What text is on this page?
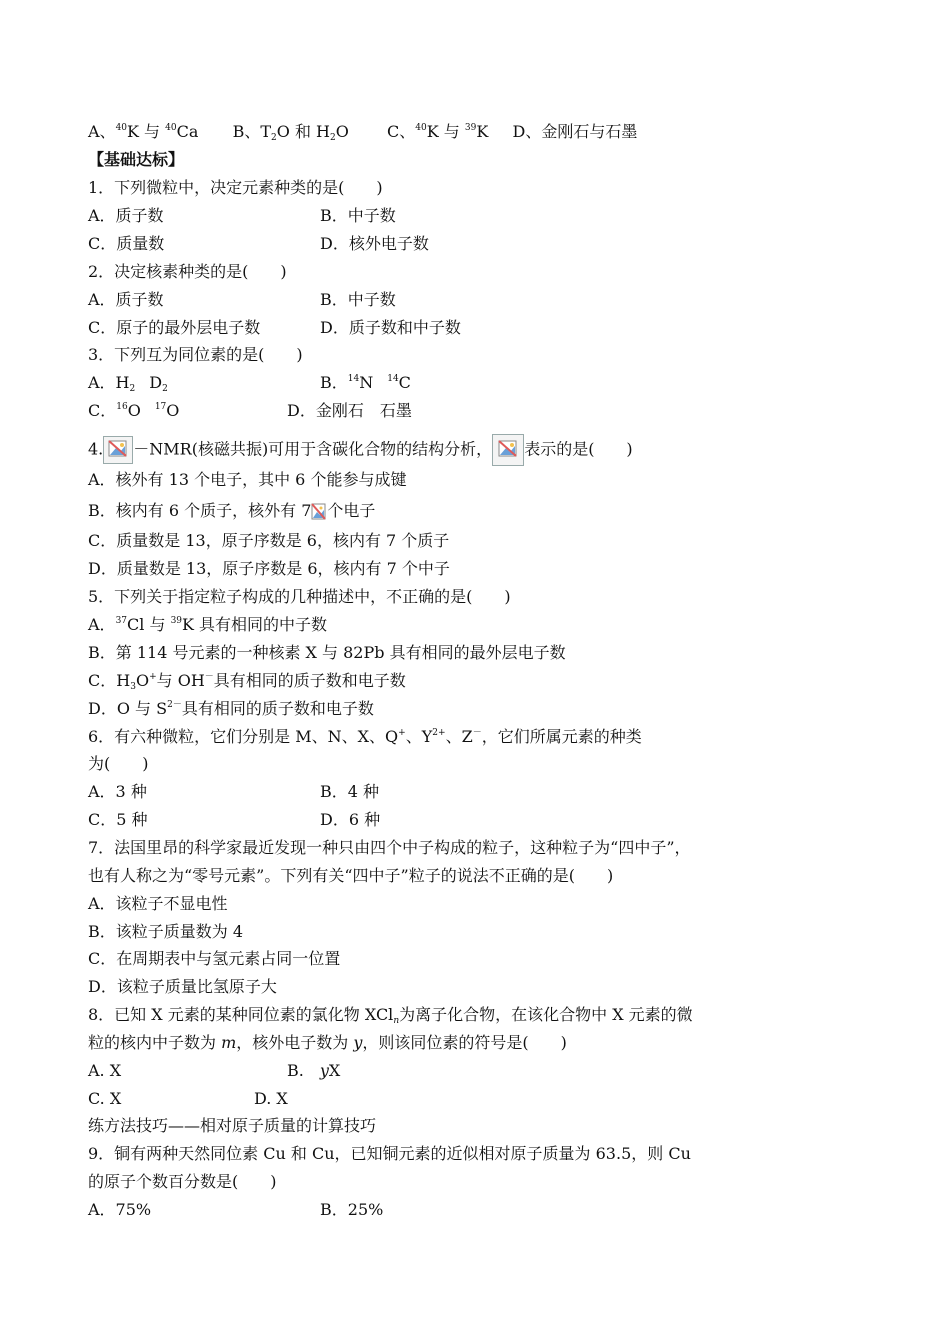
A、$^{40}$K 与 $^{40}$Ca B、$T_2O$ 和 $H_2O$ C、$^{40}$K 与 $^{39}$K D、金刚石与石墨
【基础达标】
1．下列微粒中，决定元素种类的是(　　)
A．质子数	B．中子数
C．质量数	D．核外电子数
2．决定核素种类的是(　　)
A．质子数	B．中子数
C．原子的最外层电子数	D．质子数和中子数
3．下列互为同位素的是(　　)
A．$H_2$ $D_2$	B．$^{14}$N $^{14}$C
C．$^{16}$O $^{17}$O	D．金刚石　石墨
4. －NMR(核磁共振)可用于含碳化合物的结构分析， 表示的是(　　)
A．核外有 13 个电子，其中 6 个能参与成键
B．核内有 6 个质子，核外有 7 个电子
C．质量数是 13，原子序数是 6，核内有 7 个质子
D．质量数是 13，原子序数是 6，核内有 7 个中子
5．下列关于指定粒子构成的几种描述中，不正确的是(　　)
A．$^{37}$Cl 与 $^{39}$K 具有相同的中子数
B．第 114 号元素的一种核素 X 与 82Pb 具有相同的最外层电子数
C．$H_3O^+$与 OH－具有相同的质子数和电子数
D．O 与 $S^{2-}$具有相同的质子数和电子数
6．有六种微粒，它们分别是 M、N、X、Q+、$Y^{2+}$、Z－，它们所属元素的种类
为(　　)
A．3 种	B．4 种
C．5 种	D．6 种
7．法国里昂的科学家最近发现一种只由四个中子构成的粒子，这种粒子为“四中子”，
也有人称之为“零号元素”。下列有关“四中子”粒子的说法不正确的是(　　)
A．该粒子不显电性
B．该粒子质量数为 4
C．在周期表中与氢元素占同一位置
D．该粒子质量比氢原子大
8．已知 X 元素的某种同位素的氯化物 XCl$_n$为离子化合物，在该化合物中 X 元素的微
粒的核内中子数为 m，核外电子数为 y，则该同位素的符号是(　　)
A. X	B.　yX
C. X	D. X
练方法技巧——相对原子质量的计算技巧
9．铜有两种天然同位素 Cu 和 Cu，已知铜元素的近似相对原子质量为 63.5，则 Cu
的原子个数百分数是(　　)
A．75%	B．25%
